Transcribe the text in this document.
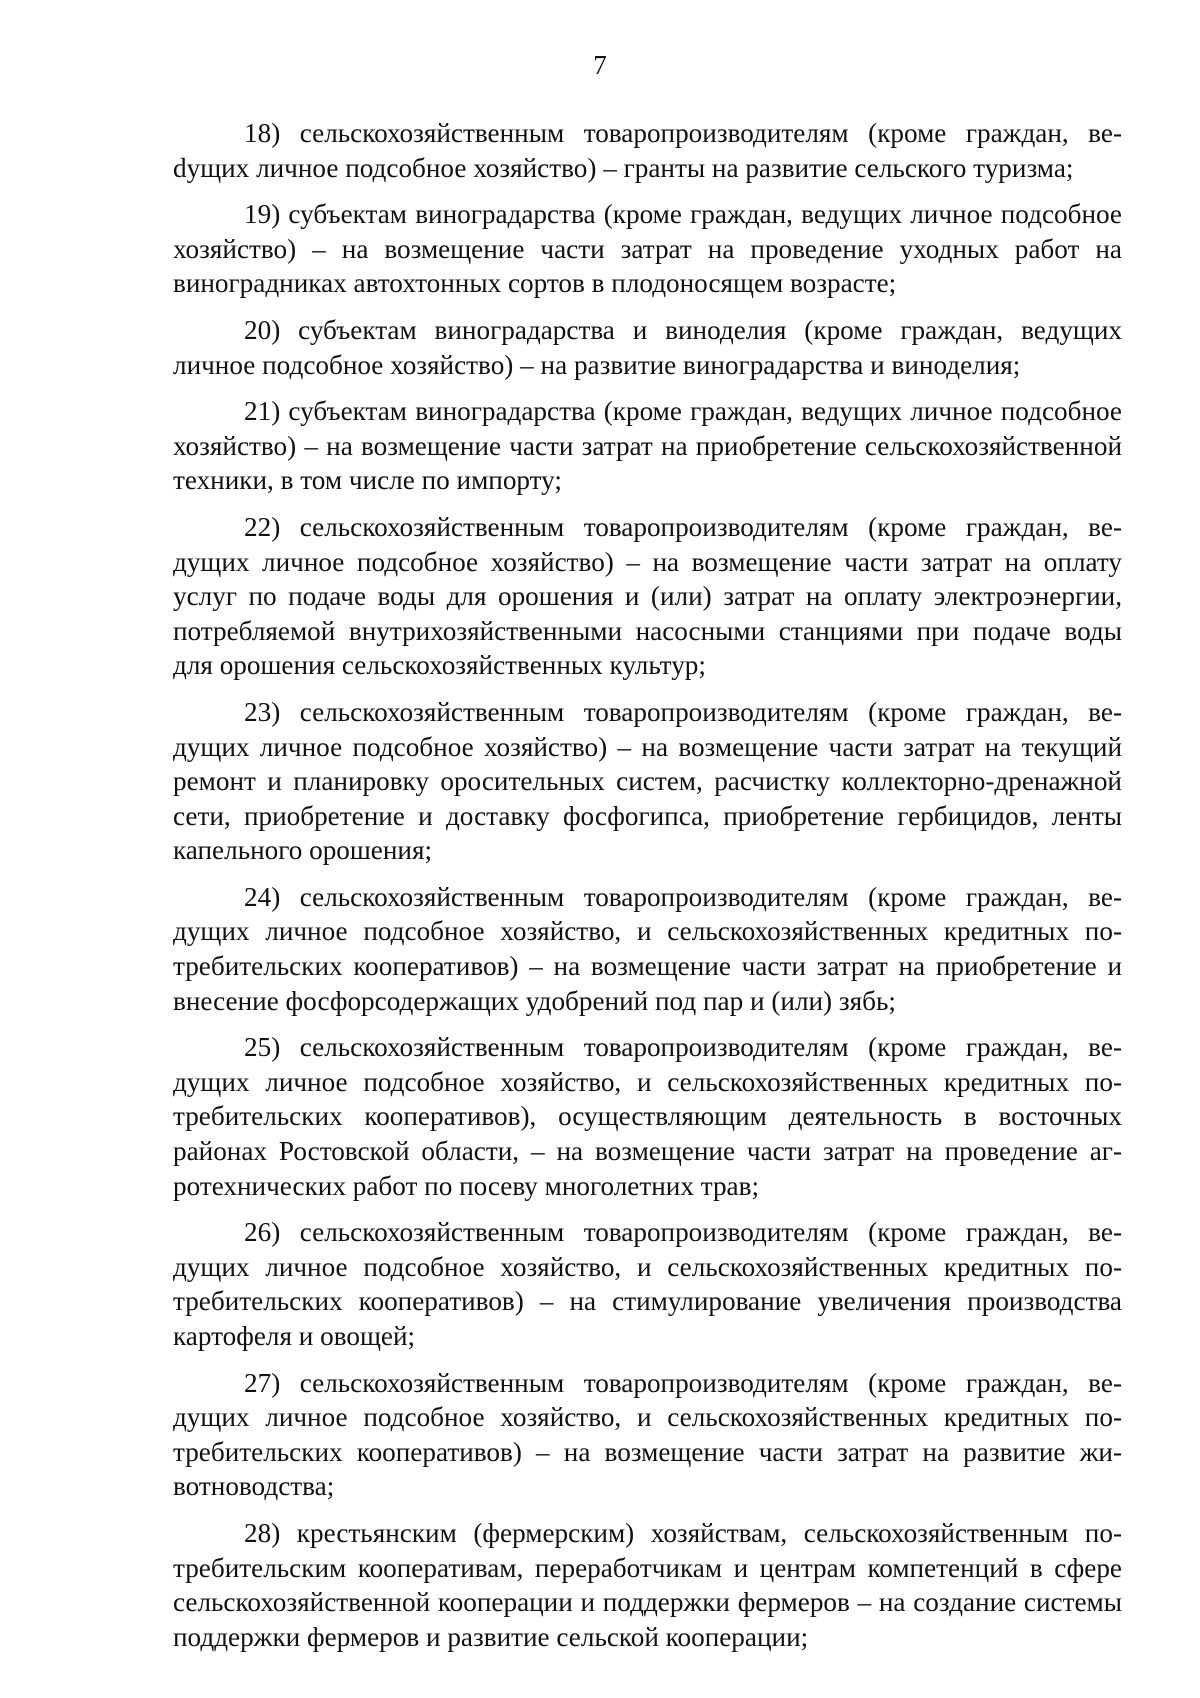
7

18) сельскохозяйственным товаропроизводителям (кроме граждан, веdущих личное подсобное хозяйство) – гранты на развитие сельского туризма;

19) субъектам виноградарства (кроме граждан, ведущих личное подсобное хозяйство) – на возмещение части затрат на проведение уходных работ на виноградниках автохтонных сортов в плодоносящем возрасте;

20) субъектам виноградарства и виноделия (кроме граждан, ведущих личное подсобное хозяйство) – на развитие виноградарства и виноделия;

21) субъектам виноградарства (кроме граждан, ведущих личное подсобное хозяйство) – на возмещение части затрат на приобретение сельскохозяйственной техники, в том числе по импорту;

22) сельскохозяйственным товаропроизводителям (кроме граждан, ведущих личное подсобное хозяйство) – на возмещение части затрат на оплату услуг по подаче воды для орошения и (или) затрат на оплату электроэнергии, потребляемой внутрихозяйственными насосными станциями при подаче воды для орошения сельскохозяйственных культур;

23) сельскохозяйственным товаропроизводителям (кроме граждан, ведущих личное подсобное хозяйство) – на возмещение части затрат на текущий ремонт и планировку оросительных систем, расчистку коллекторно-дренажной сети, приобретение и доставку фосфогипса, приобретение гербицидов, ленты капельного орошения;

24) сельскохозяйственным товаропроизводителям (кроме граждан, ведущих личное подсобное хозяйство, и сельскохозяйственных кредитных потребительских кооперативов) – на возмещение части затрат на приобретение и внесение фосфорсодержащих удобрений под пар и (или) зябь;

25) сельскохозяйственным товаропроизводителям (кроме граждан, ведущих личное подсобное хозяйство, и сельскохозяйственных кредитных потребительских кооперативов), осуществляющим деятельность в восточных районах Ростовской области, – на возмещение части затрат на проведение агротехнических работ по посеву многолетних трав;

26) сельскохозяйственным товаропроизводителям (кроме граждан, ведущих личное подсобное хозяйство, и сельскохозяйственных кредитных потребительских кооперативов) – на стимулирование увеличения производства картофеля и овощей;

27) сельскохозяйственным товаропроизводителям (кроме граждан, ведущих личное подсобное хозяйство, и сельскохозяйственных кредитных потребительских кооперативов) – на возмещение части затрат на развитие животноводства;

28) крестьянским (фермерским) хозяйствам, сельскохозяйственным потребительским кооперативам, переработчикам и центрам компетенций в сфере сельскохозяйственной кооперации и поддержки фермеров – на создание системы поддержки фермеров и развитие сельской кооперации;
